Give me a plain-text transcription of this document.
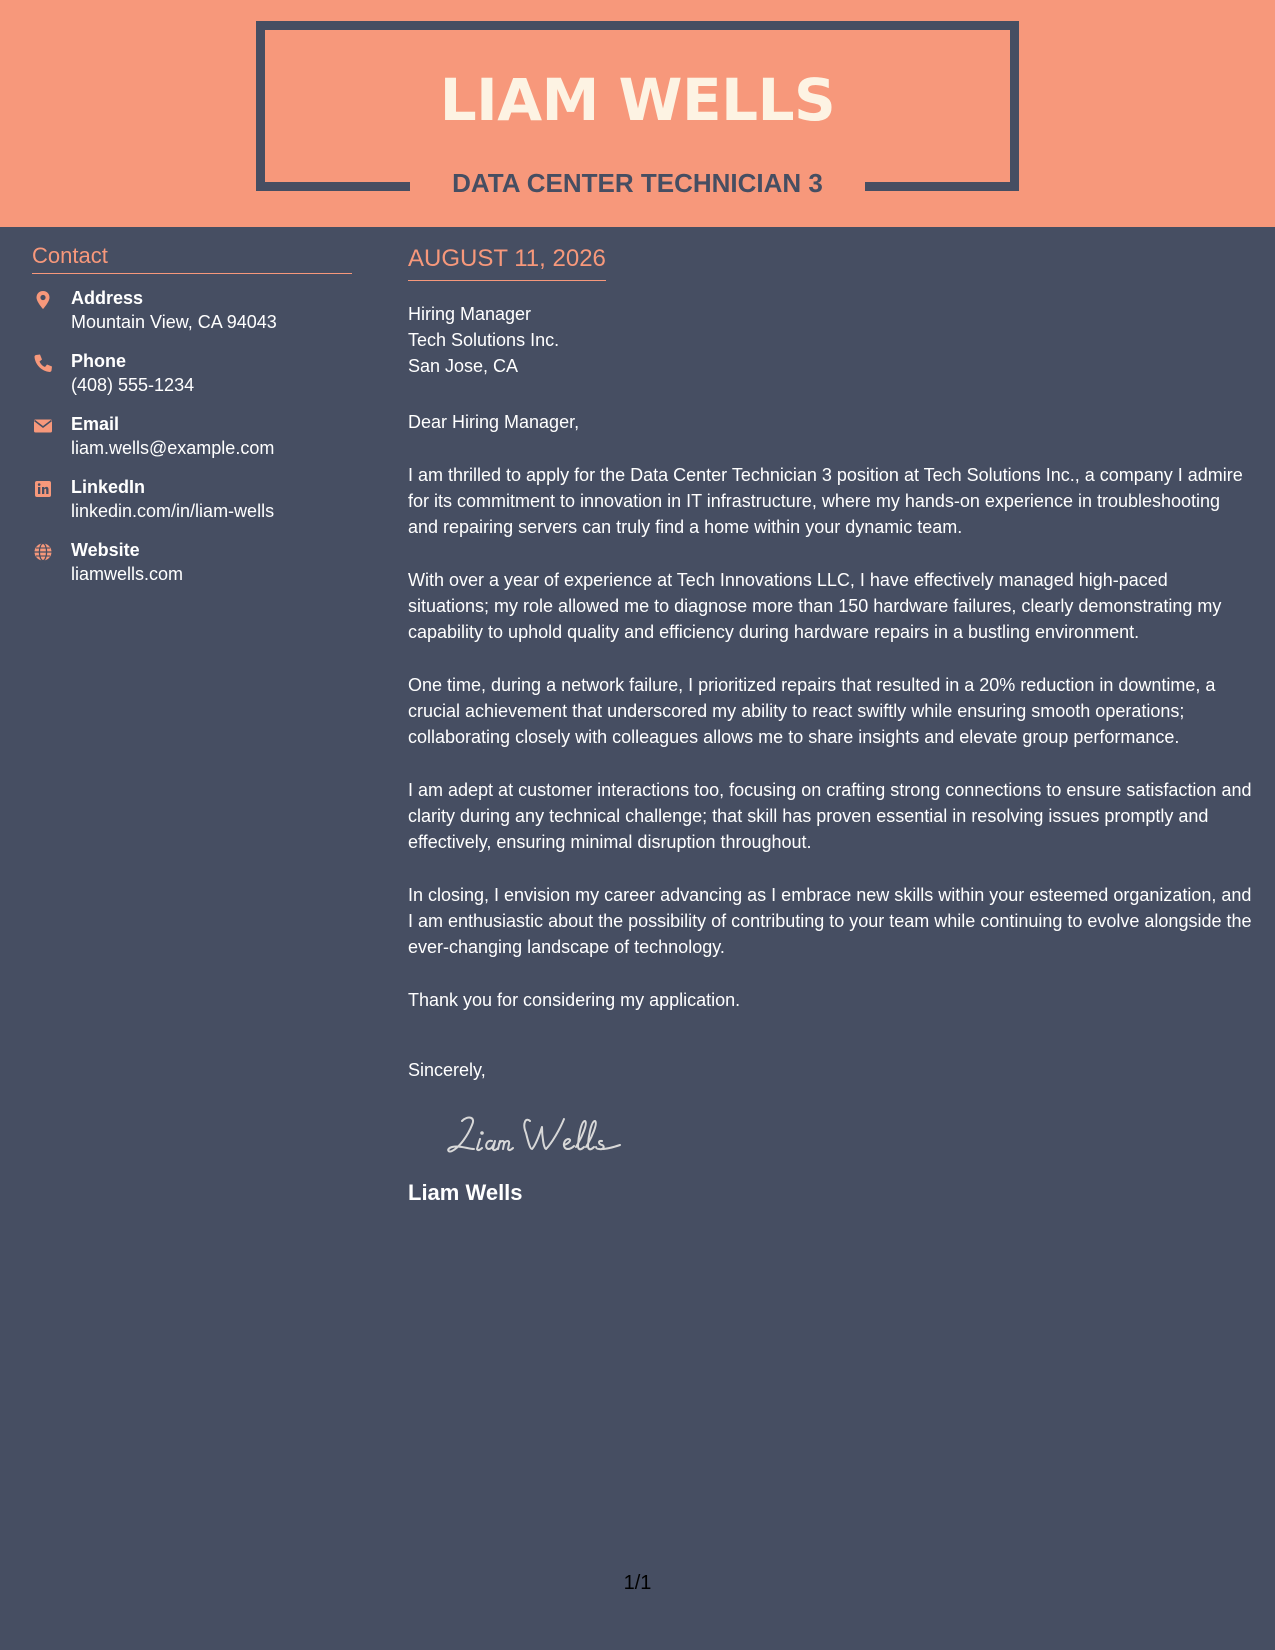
LIAM WELLS
DATA CENTER TECHNICIAN 3
Contact
Address
Mountain View, CA 94043
Phone
(408) 555-1234
Email
liam.wells@example.com
LinkedIn
linkedin.com/in/liam-wells
Website
liamwells.com
AUGUST 11, 2026
Hiring Manager
Tech Solutions Inc.
San Jose, CA
Dear Hiring Manager,
I am thrilled to apply for the Data Center Technician 3 position at Tech Solutions Inc., a company I admire for its commitment to innovation in IT infrastructure, where my hands-on experience in troubleshooting and repairing servers can truly find a home within your dynamic team.
With over a year of experience at Tech Innovations LLC, I have effectively managed high-paced situations; my role allowed me to diagnose more than 150 hardware failures, clearly demonstrating my capability to uphold quality and efficiency during hardware repairs in a bustling environment.
One time, during a network failure, I prioritized repairs that resulted in a 20% reduction in downtime, a crucial achievement that underscored my ability to react swiftly while ensuring smooth operations; collaborating closely with colleagues allows me to share insights and elevate group performance.
I am adept at customer interactions too, focusing on crafting strong connections to ensure satisfaction and clarity during any technical challenge; that skill has proven essential in resolving issues promptly and effectively, ensuring minimal disruption throughout.
In closing, I envision my career advancing as I embrace new skills within your esteemed organization, and I am enthusiastic about the possibility of contributing to your team while continuing to evolve alongside the ever-changing landscape of technology.
Thank you for considering my application.
Sincerely,
Liam Wells
1/1
